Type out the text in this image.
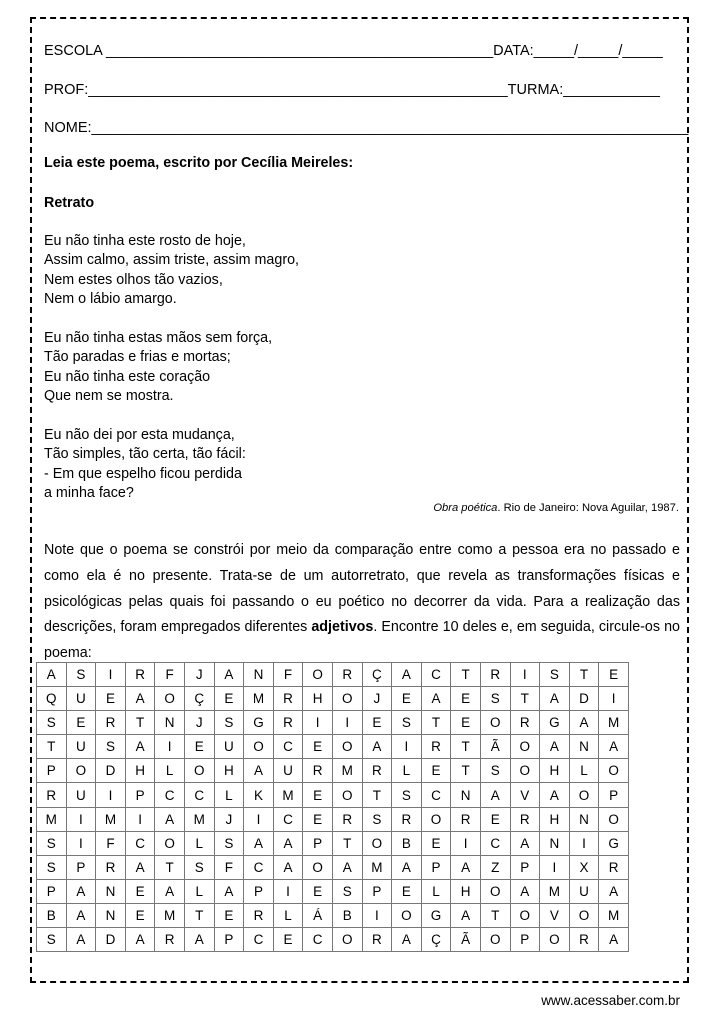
ESCOLA ________________________________________________DATA:_____/_____/_____
PROF:____________________________________________________TURMA:____________
NOME:__________________________________________________________________________
Leia este poema, escrito por Cecília Meireles:
Retrato
Eu não tinha este rosto de hoje,
Assim calmo, assim triste, assim magro,
Nem estes olhos tão vazios,
Nem o lábio amargo.
Eu não tinha estas mãos sem força,
Tão paradas e frias e mortas;
Eu não tinha este coração
Que nem se mostra.
Eu não dei por esta mudança,
Tão simples, tão certa, tão fácil:
- Em que espelho ficou perdida
a minha face?
Obra poética. Rio de Janeiro: Nova Aguilar, 1987.
Note que o poema se constrói por meio da comparação entre como a pessoa era no passado e como ela é no presente. Trata-se de um autorretrato, que revela as transformações físicas e psicológicas pelas quais foi passando o eu poético no decorrer da vida. Para a realização das descrições, foram empregados diferentes adjetivos. Encontre 10 deles e, em seguida, circule-os no poema:
A	S	I	R	F	J	A	N	F	O	R	Ç	A	C	T	R	I	S	T	E
Q	U	E	A	O	Ç	E	M	R	H	O	J	E	A	E	S	T	A	D	I
S	E	R	T	N	J	S	G	R	I	I	E	S	T	E	O	R	G	A	M
T	U	S	A	I	E	U	O	C	E	O	A	I	R	T	Ã	O	A	N	A
P	O	D	H	L	O	H	A	U	R	M	R	L	E	T	S	O	H	L	O
R	U	I	P	C	C	L	K	M	E	O	T	S	C	N	A	V	A	O	P
M	I	M	I	A	M	J	I	C	E	R	S	R	O	R	E	R	H	N	O
S	I	F	C	O	L	S	A	A	P	T	O	B	E	I	C	A	N	I	G
S	P	R	A	T	S	F	C	A	O	A	M	A	P	A	Z	P	I	X	R
P	A	N	E	A	L	A	P	I	E	S	P	E	L	H	O	A	M	U	A
B	A	N	E	M	T	E	R	L	Á	B	I	O	G	A	T	O	V	O	M
S	A	D	A	R	A	P	C	E	C	O	R	A	Ç	Ã	O	P	O	R	A
www.acessaber.com.br
